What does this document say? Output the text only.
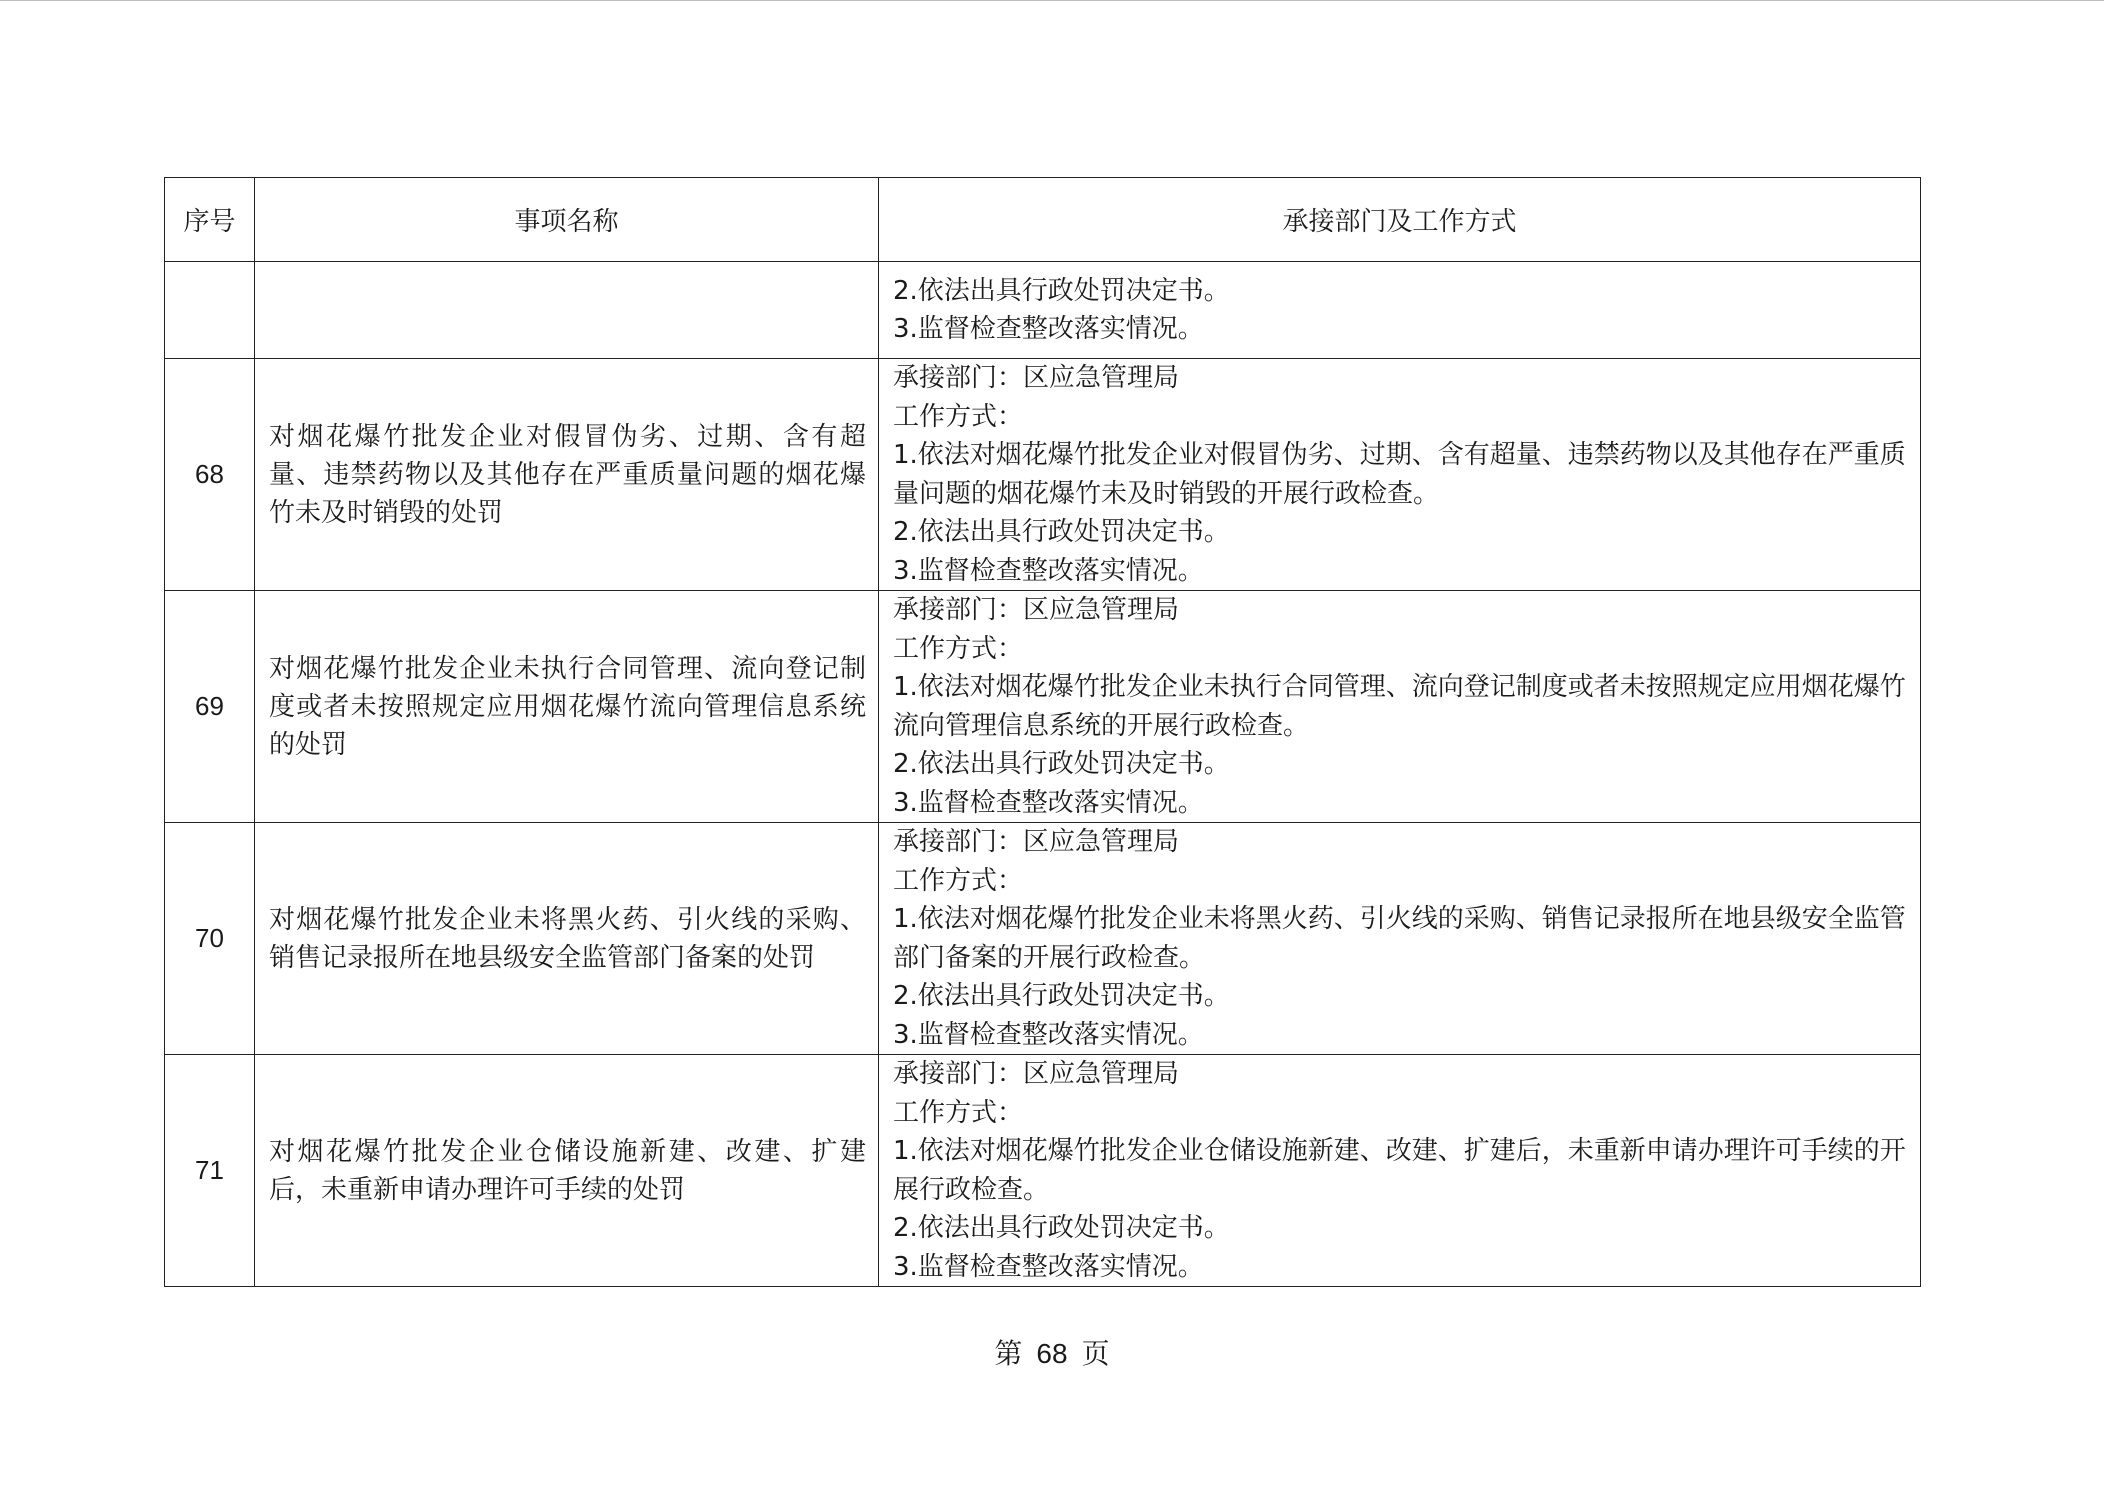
序号	事项名称	承接部门及工作方式

		2.依法出具行政处罚决定书。
3.监督检查整改落实情况。

68	对烟花爆竹批发企业对假冒伪劣、过期、含有超量、违禁药物以及其他存在严重质量问题的烟花爆竹未及时销毁的处罚	承接部门：区应急管理局
工作方式：
1.依法对烟花爆竹批发企业对假冒伪劣、过期、含有超量、违禁药物以及其他存在严重质量问题的烟花爆竹未及时销毁的开展行政检查。
2.依法出具行政处罚决定书。
3.监督检查整改落实情况。

69	对烟花爆竹批发企业未执行合同管理、流向登记制度或者未按照规定应用烟花爆竹流向管理信息系统的处罚	承接部门：区应急管理局
工作方式：
1.依法对烟花爆竹批发企业未执行合同管理、流向登记制度或者未按照规定应用烟花爆竹流向管理信息系统的开展行政检查。
2.依法出具行政处罚决定书。
3.监督检查整改落实情况。

70	对烟花爆竹批发企业未将黑火药、引火线的采购、销售记录报所在地县级安全监管部门备案的处罚	承接部门：区应急管理局
工作方式：
1.依法对烟花爆竹批发企业未将黑火药、引火线的采购、销售记录报所在地县级安全监管部门备案的开展行政检查。
2.依法出具行政处罚决定书。
3.监督检查整改落实情况。

71	对烟花爆竹批发企业仓储设施新建、改建、扩建后，未重新申请办理许可手续的处罚	承接部门：区应急管理局
工作方式：
1.依法对烟花爆竹批发企业仓储设施新建、改建、扩建后，未重新申请办理许可手续的开展行政检查。
2.依法出具行政处罚决定书。
3.监督检查整改落实情况。
第 68 页
